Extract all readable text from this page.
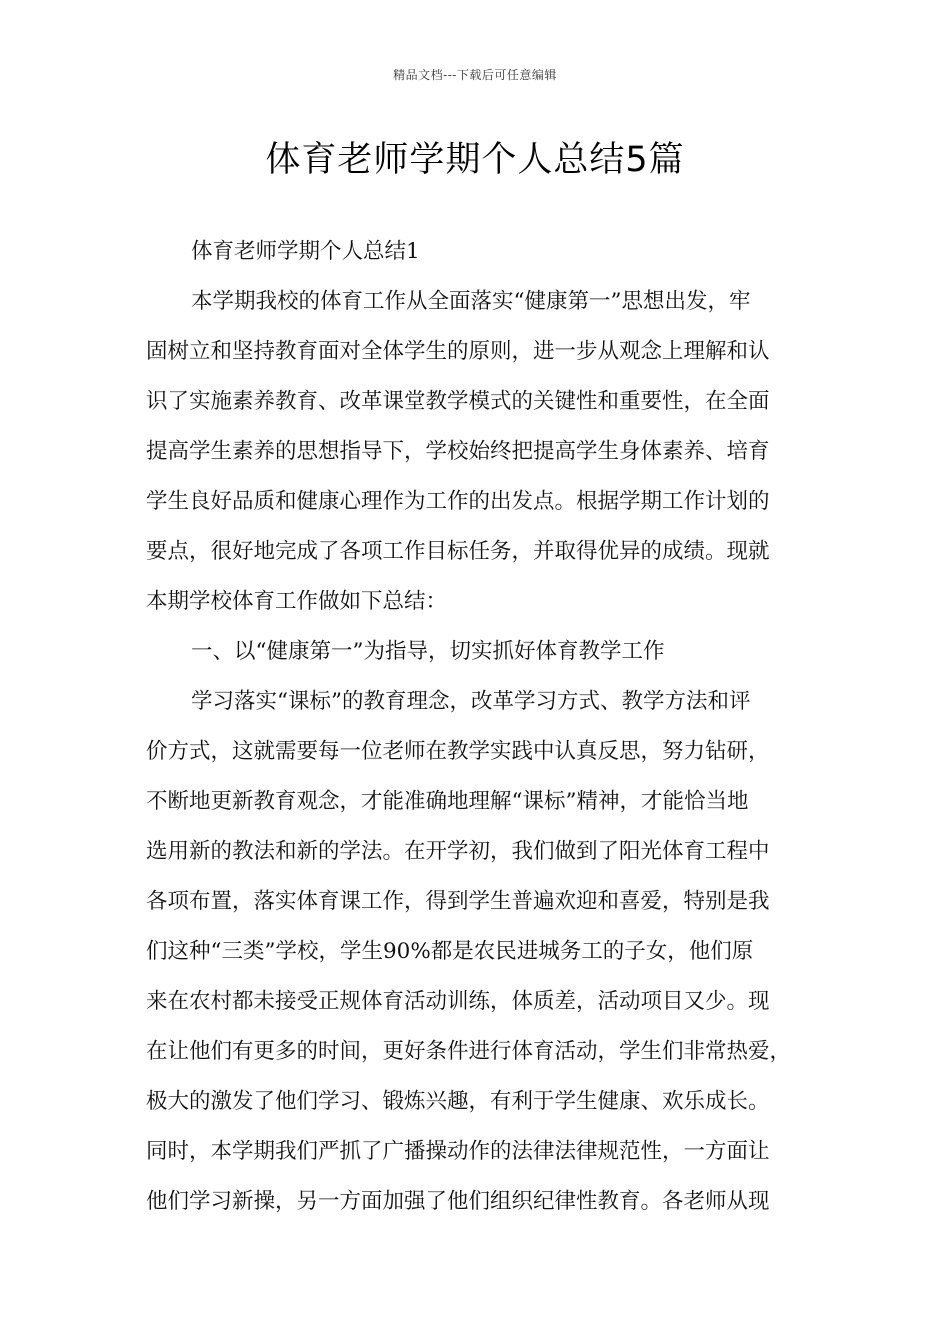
精品文档---下载后可任意编辑
体育老师学期个人总结5篇

体育老师学期个人总结1

本学期我校的体育工作从全面落实“健康第一”思想出发，牢
固树立和坚持教育面对全体学生的原则，进一步从观念上理解和认
识了实施素养教育、改革课堂教学模式的关键性和重要性，在全面
提高学生素养的思想指导下，学校始终把提高学生身体素养、培育
学生良好品质和健康心理作为工作的出发点。根据学期工作计划的
要点，很好地完成了各项工作目标任务，并取得优异的成绩。现就
本期学校体育工作做如下总结：

一、以“健康第一”为指导，切实抓好体育教学工作

学习落实“课标”的教育理念，改革学习方式、教学方法和评
价方式，这就需要每一位老师在教学实践中认真反思，努力钻研，
不断地更新教育观念，才能准确地理解“课标”精神，才能恰当地
选用新的教法和新的学法。在开学初，我们做到了阳光体育工程中
各项布置，落实体育课工作，得到学生普遍欢迎和喜爱，特别是我
们这种“三类”学校，学生90%都是农民进城务工的子女，他们原
来在农村都未接受正规体育活动训练，体质差，活动项目又少。现
在让他们有更多的时间，更好条件进行体育活动，学生们非常热爱，
极大的激发了他们学习、锻炼兴趣，有利于学生健康、欢乐成长。
同时，本学期我们严抓了广播操动作的法律法律规范性，一方面让
他们学习新操，另一方面加强了他们组织纪律性教育。各老师从现
